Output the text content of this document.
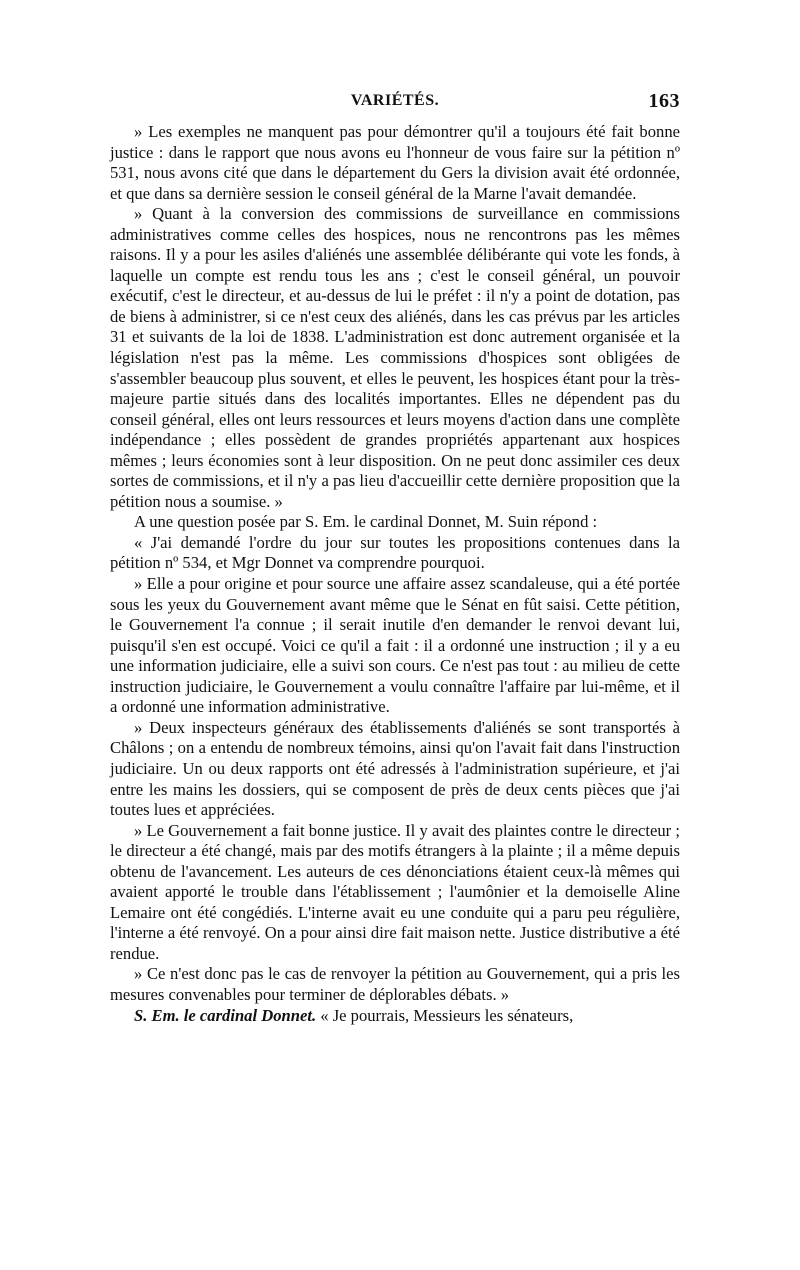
VARIÉTÉS.	163

» Les exemples ne manquent pas pour démontrer qu'il a toujours été fait bonne justice : dans le rapport que nous avons eu l'honneur de vous faire sur la pétition nº 531, nous avons cité que dans le département du Gers la division avait été ordonnée, et que dans sa dernière session le conseil général de la Marne l'avait demandée.

» Quant à la conversion des commissions de surveillance en commissions administratives comme celles des hospices, nous ne rencontrons pas les mêmes raisons. Il y a pour les asiles d'aliénés une assemblée délibérante qui vote les fonds, à laquelle un compte est rendu tous les ans ; c'est le conseil général, un pouvoir exécutif, c'est le directeur, et au-dessus de lui le préfet : il n'y a point de dotation, pas de biens à administrer, si ce n'est ceux des aliénés, dans les cas prévus par les articles 31 et suivants de la loi de 1838. L'administration est donc autrement organisée et la législation n'est pas la même. Les commissions d'hospices sont obligées de s'assembler beaucoup plus souvent, et elles le peuvent, les hospices étant pour la très-majeure partie situés dans des localités importantes. Elles ne dépendent pas du conseil général, elles ont leurs ressources et leurs moyens d'action dans une complète indépendance ; elles possèdent de grandes propriétés appartenant aux hospices mêmes ; leurs économies sont à leur disposition. On ne peut donc assimiler ces deux sortes de commissions, et il n'y a pas lieu d'accueillir cette dernière proposition que la pétition nous a soumise. »

A une question posée par S. Em. le cardinal Donnet, M. Suin répond :

« J'ai demandé l'ordre du jour sur toutes les propositions contenues dans la pétition nº 534, et Mgr Donnet va comprendre pourquoi.

» Elle a pour origine et pour source une affaire assez scandaleuse, qui a été portée sous les yeux du Gouvernement avant même que le Sénat en fût saisi. Cette pétition, le Gouvernement l'a connue ; il serait inutile d'en demander le renvoi devant lui, puisqu'il s'en est occupé. Voici ce qu'il a fait : il a ordonné une instruction ; il y a eu une information judiciaire, elle a suivi son cours. Ce n'est pas tout : au milieu de cette instruction judiciaire, le Gouvernement a voulu connaître l'affaire par lui-même, et il a ordonné une information administrative.

» Deux inspecteurs généraux des établissements d'aliénés se sont transportés à Châlons ; on a entendu de nombreux témoins, ainsi qu'on l'avait fait dans l'instruction judiciaire. Un ou deux rapports ont été adressés à l'administration supérieure, et j'ai entre les mains les dossiers, qui se composent de près de deux cents pièces que j'ai toutes lues et appréciées.

» Le Gouvernement a fait bonne justice. Il y avait des plaintes contre le directeur ; le directeur a été changé, mais par des motifs étrangers à la plainte ; il a même depuis obtenu de l'avancement. Les auteurs de ces dénonciations étaient ceux-là mêmes qui avaient apporté le trouble dans l'établissement ; l'aumônier et la demoiselle Aline Lemaire ont été congédiés. L'interne avait eu une conduite qui a paru peu régulière, l'interne a été renvoyé. On a pour ainsi dire fait maison nette. Justice distributive a été rendue.

» Ce n'est donc pas le cas de renvoyer la pétition au Gouvernement, qui a pris les mesures convenables pour terminer de déplorables débats. »

S. Em. le cardinal Donnet. « Je pourrais, Messieurs les sénateurs,
